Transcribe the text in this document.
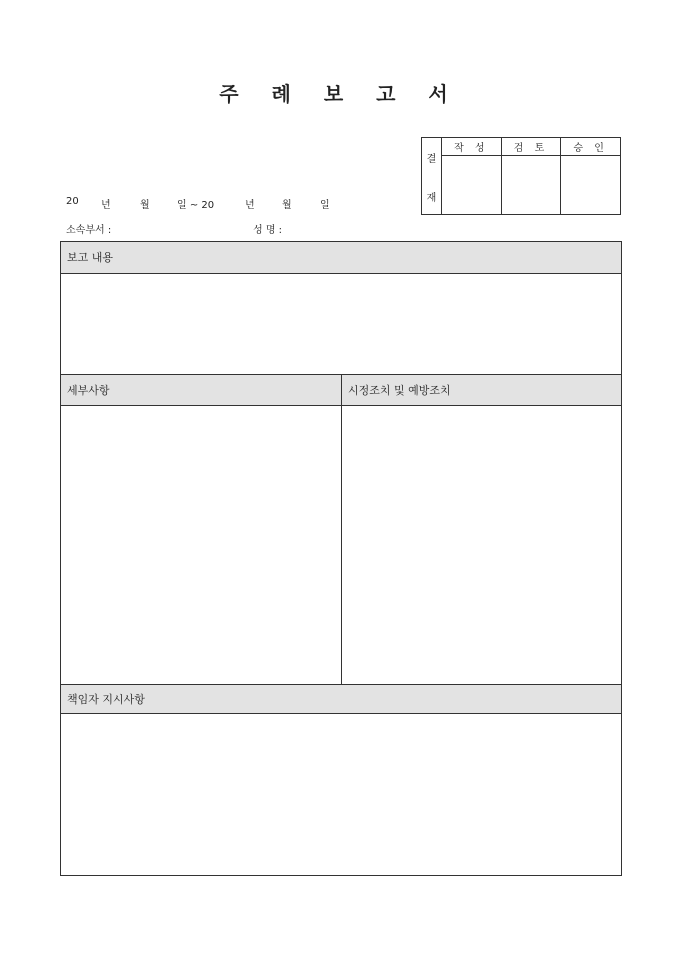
주 례 보 고 서
결
재	작 성	검 토	승 인

20 년	월	일 ~ 20	년	월	일
소속부서 :	성 명 :
보고 내용
세부사항	시정조치 및 예방조치
책임자 지시사항
